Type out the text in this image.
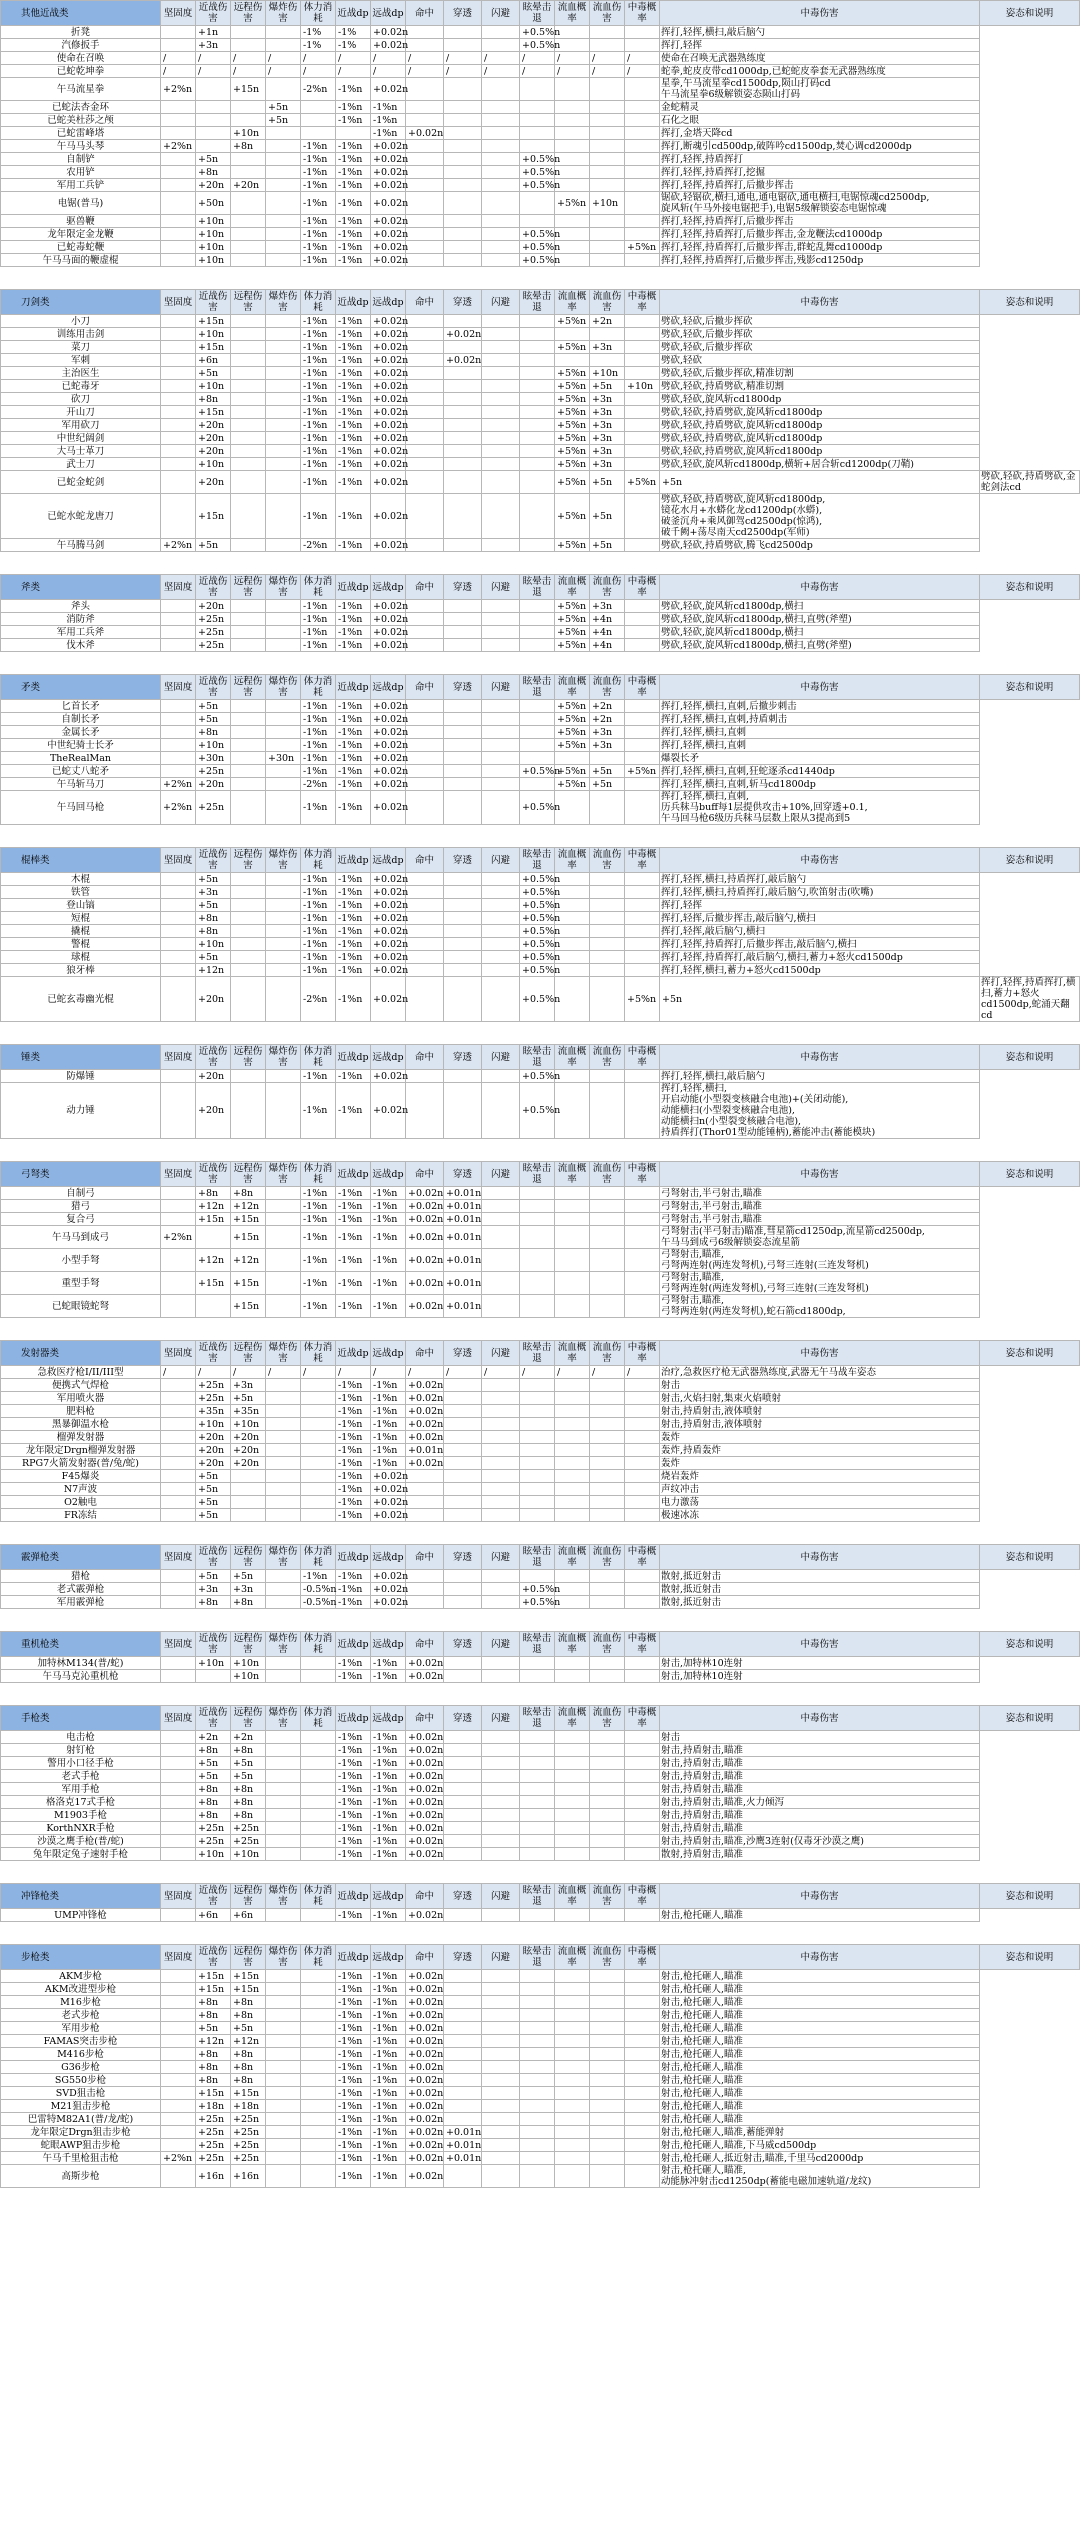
其他近战类	坚固度	近战伤害	远程伤害	爆炸伤害	体力消耗	近战dp	远战dp	命中	穿透	闪避	眩晕击退	流血概率	流血伤害	中毒概率	中毒伤害	姿态和说明
折凳		+1n			-1%	-1%	+0.02n				+0.5%n				挥打,轻挥,横扫,敲后脑勺	
汽修扳手		+3n			-1%	-1%	+0.02n				+0.5%n				挥打,轻挥	
使命在召唤	/	/	/	/	/	/	/	/	/	/	/	/	/	/	使命在召唤无武器熟练度	
已蛇乾坤拳	/	/	/	/	/	/	/	/	/	/	/	/	/	/	蛇拳,蛇皮皮带cd1000dp,已蛇蛇皮拳套无武器熟练度	
午马流星拳	+2%n		+15n		-2%n	-1%n	+0.02n								星拳,午马流星拳cd1500dp,陨山打码cd
午马流星拳6级解锁姿态陨山打码	
已蛇法杏金环				+5n		-1%n	-1%n								金蛇精灵	
已蛇美杜莎之颅				+5n		-1%n	-1%n								石化之眼	
已蛇雷峰塔			+10n				-1%n	+0.02n							挥打,金塔天降cd	
午马马头琴	+2%n		+8n		-1%n	-1%n	+0.02n								挥打,断魂引cd500dp,破阵吟cd1500dp,焚心调cd2000dp	
自制铲		+5n			-1%n	-1%n	+0.02n				+0.5%n				挥打,轻挥,持盾挥打	
农用铲		+8n			-1%n	-1%n	+0.02n				+0.5%n				挥打,轻挥,持盾挥打,挖掘	
军用工兵铲		+20n	+20n		-1%n	-1%n	+0.02n				+0.5%n				挥打,轻挥,持盾挥打,后撤步挥击	
电锯(普马)		+50n			-1%n	-1%n	+0.02n					+5%n	+10n		锯砍,轻锯砍,横扫,通电,通电锯砍,通电横扫,电锯惊魂cd2500dp,
旋风斩(午马外接电锯把手),电锯5级解锁姿态电锯惊魂	
驱兽鞭		+10n			-1%n	-1%n	+0.02n								挥打,轻挥,持盾挥打,后撤步挥击	
龙年限定金龙鞭		+10n			-1%n	-1%n	+0.02n				+0.5%n				挥打,轻挥,持盾挥打,后撤步挥击,金龙鞭法cd1000dp	
已蛇毒蛇鞭		+10n			-1%n	-1%n	+0.02n				+0.5%n			+5%n	挥打,轻挥,持盾挥打,后撤步挥击,群蛇乱舞cd1000dp	
午马马面的鞭虚棍		+10n			-1%n	-1%n	+0.02n				+0.5%n				挥打,轻挥,持盾挥打,后撤步挥击,残影cd1250dp	
刀剑类	坚固度	近战伤害	远程伤害	爆炸伤害	体力消耗	近战dp	远战dp	命中	穿透	闪避	眩晕击退	流血概率	流血伤害	中毒概率	中毒伤害	姿态和说明
小刀		+15n			-1%n	-1%n	+0.02n					+5%n	+2n		劈砍,轻砍,后撤步挥砍	
训练用击剑		+10n			-1%n	-1%n	+0.02n		+0.02n						劈砍,轻砍,后撤步挥砍	
菜刀		+15n			-1%n	-1%n	+0.02n					+5%n	+3n		劈砍,轻砍,后撤步挥砍	
军刺		+6n			-1%n	-1%n	+0.02n		+0.02n						劈砍,轻砍	
主治医生		+5n			-1%n	-1%n	+0.02n					+5%n	+10n		劈砍,轻砍,后撤步挥砍,精准切割	
已蛇毒牙		+10n			-1%n	-1%n	+0.02n					+5%n	+5n	+10n	劈砍,轻砍,持盾劈砍,精准切割	
砍刀		+8n			-1%n	-1%n	+0.02n					+5%n	+3n		劈砍,轻砍,旋风斩cd1800dp	
开山刀		+15n			-1%n	-1%n	+0.02n					+5%n	+3n		劈砍,轻砍,持盾劈砍,旋风斩cd1800dp	
军用砍刀		+20n			-1%n	-1%n	+0.02n					+5%n	+3n		劈砍,轻砍,持盾劈砍,旋风斩cd1800dp	
中世纪阔剑		+20n			-1%n	-1%n	+0.02n					+5%n	+3n		劈砍,轻砍,持盾劈砍,旋风斩cd1800dp	
大马士革刀		+20n			-1%n	-1%n	+0.02n					+5%n	+3n		劈砍,轻砍,持盾劈砍,旋风斩cd1800dp	
武士刀		+10n			-1%n	-1%n	+0.02n					+5%n	+3n		劈砍,轻砍,旋风斩cd1800dp,横斩+居合斩cd1200dp(刀鞘)	
已蛇金蛇剑		+20n			-1%n	-1%n	+0.02n					+5%n	+5n	+5%n	+5n	劈砍,轻砍,持盾劈砍,金蛇剑法cd
已蛇水蛇龙唐刀		+15n			-1%n	-1%n	+0.02n					+5%n	+5n		劈砍,轻砍,持盾劈砍,旋风斩cd1800dp,
镜花水月+水蟒化龙cd1200dp(水蟒),
破釜沉舟+乘风御驾cd2500dp(惊鸿),
破千阙+荡尽南天cd2500dp(军师)	
午马腾马剑	+2%n	+5n			-2%n	-1%n	+0.02n					+5%n	+5n		劈砍,轻砍,持盾劈砍,腾飞cd2500dp	
斧类	坚固度	近战伤害	远程伤害	爆炸伤害	体力消耗	近战dp	远战dp	命中	穿透	闪避	眩晕击退	流血概率	流血伤害	中毒概率	中毒伤害	姿态和说明
斧头		+20n			-1%n	-1%n	+0.02n					+5%n	+3n		劈砍,轻砍,旋风斩cd1800dp,横扫	
消防斧		+25n			-1%n	-1%n	+0.02n					+5%n	+4n		劈砍,轻砍,旋风斩cd1800dp,横扫,直劈(斧塑)	
军用工兵斧		+25n			-1%n	-1%n	+0.02n					+5%n	+4n		劈砍,轻砍,旋风斩cd1800dp,横扫	
伐木斧		+25n			-1%n	-1%n	+0.02n					+5%n	+4n		劈砍,轻砍,旋风斩cd1800dp,横扫,直劈(斧塑)	
矛类	坚固度	近战伤害	远程伤害	爆炸伤害	体力消耗	近战dp	远战dp	命中	穿透	闪避	眩晕击退	流血概率	流血伤害	中毒概率	中毒伤害	姿态和说明
匕首长矛		+5n			-1%n	-1%n	+0.02n					+5%n	+2n		挥打,轻挥,横扫,直刺,后撤步刺击	
自制长矛		+5n			-1%n	-1%n	+0.02n					+5%n	+2n		挥打,轻挥,横扫,直刺,持盾刺击	
金属长矛		+8n			-1%n	-1%n	+0.02n					+5%n	+3n		挥打,轻挥,横扫,直刺	
中世纪骑士长矛		+10n			-1%n	-1%n	+0.02n					+5%n	+3n		挥打,轻挥,横扫,直刺	
TheRealMan		+30n		+30n	-1%n	-1%n	+0.02n								爆裂长矛	
已蛇丈八蛇矛		+25n			-1%n	-1%n	+0.02n				+0.5%n	+5%n	+5n	+5%n	挥打,轻挥,横扫,直刺,狂蛇逐杀cd1440dp	
午马斩马刀	+2%n	+20n			-2%n	-1%n	+0.02n					+5%n	+5n		挥打,轻挥,横扫,直刺,斩马cd1800dp	
午马回马枪	+2%n	+25n			-1%n	-1%n	+0.02n				+0.5%n				挥打,轻挥,横扫,直刺,
历兵秣马buff每1层提供攻击+10%,回穿透+0.1,
午马回马枪6级历兵秣马层数上限从3提高到5	
棍棒类	坚固度	近战伤害	远程伤害	爆炸伤害	体力消耗	近战dp	远战dp	命中	穿透	闪避	眩晕击退	流血概率	流血伤害	中毒概率	中毒伤害	姿态和说明
木棍		+5n			-1%n	-1%n	+0.02n				+0.5%n				挥打,轻挥,横扫,持盾挥打,敲后脑勺	
铁管		+3n			-1%n	-1%n	+0.02n				+0.5%n				挥打,轻挥,横扫,持盾挥打,敲后脑勺,吹笛射击(吹嘴)	
登山镐		+5n			-1%n	-1%n	+0.02n				+0.5%n				挥打,轻挥	
短棍		+8n			-1%n	-1%n	+0.02n				+0.5%n				挥打,轻挥,后撤步挥击,敲后脑勺,横扫	
撬棍		+8n			-1%n	-1%n	+0.02n				+0.5%n				挥打,轻挥,敲后脑勺,横扫	
警棍		+10n			-1%n	-1%n	+0.02n				+0.5%n				挥打,轻挥,持盾挥打,后撤步挥击,敲后脑勺,横扫	
球棍		+5n			-1%n	-1%n	+0.02n				+0.5%n				挥打,轻挥,持盾挥打,敲后脑勺,横扫,蓄力+怒火cd1500dp	
狼牙棒		+12n			-1%n	-1%n	+0.02n				+0.5%n				挥打,轻挥,横扫,蓄力+怒火cd1500dp	
已蛇玄毒幽光棍		+20n			-2%n	-1%n	+0.02n				+0.5%n			+5%n	+5n	挥打,轻挥,持盾挥打,横扫,蓄力+怒火cd1500dp,蛇涌天翻cd
锤类	坚固度	近战伤害	远程伤害	爆炸伤害	体力消耗	近战dp	远战dp	命中	穿透	闪避	眩晕击退	流血概率	流血伤害	中毒概率	中毒伤害	姿态和说明
防爆锤		+20n			-1%n	-1%n	+0.02n				+0.5%n				挥打,轻挥,横扫,敲后脑勺	
动力锤		+20n			-1%n	-1%n	+0.02n				+0.5%n				挥打,轻挥,横扫,
开启动能(小型裂变核融合电池)+(关闭动能),
动能横扫(小型裂变核融合电池),
动能横扫n(小型裂变核融合电池),
持盾挥打(Thor01型动能锤柄),蓄能冲击(蓄能模块)	
弓弩类	坚固度	近战伤害	远程伤害	爆炸伤害	体力消耗	近战dp	远战dp	命中	穿透	闪避	眩晕击退	流血概率	流血伤害	中毒概率	中毒伤害	姿态和说明
自制弓		+8n	+8n		-1%n	-1%n	-1%n	+0.02n	+0.01n						弓弩射击,半弓射击,瞄准	
猎弓		+12n	+12n		-1%n	-1%n	-1%n	+0.02n	+0.01n						弓弩射击,半弓射击,瞄准	
复合弓		+15n	+15n		-1%n	-1%n	-1%n	+0.02n	+0.01n						弓弩射击,半弓射击,瞄准	
午马马到成弓	+2%n		+15n		-1%n	-1%n	-1%n	+0.02n	+0.01n						弓弩射击(半弓射击)瞄准,彗星箭cd1250dp,流星箭cd2500dp,
午马马到成弓6级解锁姿态流星箭	
小型手弩		+12n	+12n		-1%n	-1%n	-1%n	+0.02n	+0.01n						弓弩射击,瞄准,
弓弩两连射(两连发弩机),弓弩三连射(三连发弩机)	
重型手弩		+15n	+15n		-1%n	-1%n	-1%n	+0.02n	+0.01n						弓弩射击,瞄准,
弓弩两连射(两连发弩机),弓弩三连射(三连发弩机)	
已蛇眼镜蛇弩			+15n		-1%n	-1%n	-1%n	+0.02n	+0.01n						弓弩射击,瞄准,
弓弩两连射(两连发弩机),蛇石箭cd1800dp,	
发射器类	坚固度	近战伤害	远程伤害	爆炸伤害	体力消耗	近战dp	远战dp	命中	穿透	闪避	眩晕击退	流血概率	流血伤害	中毒概率	中毒伤害	姿态和说明
急救医疗枪I/II/III型	/	/	/	/	/	/	/	/	/	/	/	/	/	/	治疗,急救医疗枪无武器熟练度,武器无午马战车姿态	
便携式气焊枪		+25n	+3n			-1%n	-1%n	+0.02n							射击	
军用喷火器		+25n	+5n			-1%n	-1%n	+0.02n							射击,火焰扫射,集束火焰喷射	
肥料枪		+35n	+35n			-1%n	-1%n	+0.02n							射击,持盾射击,液体喷射	
黑暴御温水枪		+10n	+10n			-1%n	-1%n	+0.02n							射击,持盾射击,液体喷射	
榴弹发射器		+20n	+20n			-1%n	-1%n	+0.02n							轰炸	
龙年限定Drgn榴弹发射器		+20n	+20n			-1%n	-1%n	+0.01n							轰炸,持盾轰炸	
RPG7火箭发射器(普/兔/蛇)		+20n	+20n			-1%n	-1%n	+0.02n							轰炸	
F45爆炎		+5n				-1%n	+0.02n								烧岩轰炸	
N7声波		+5n				-1%n	+0.02n								声纹冲击	
O2触电		+5n				-1%n	+0.02n								电力激荡	
FR冻结		+5n				-1%n	+0.02n								极速冰冻	
霰弹枪类	坚固度	近战伤害	远程伤害	爆炸伤害	体力消耗	近战dp	远战dp	命中	穿透	闪避	眩晕击退	流血概率	流血伤害	中毒概率	中毒伤害	姿态和说明
猎枪		+5n	+5n		-1%n	-1%n	+0.02n								散射,抵近射击	
老式霰弹枪		+3n	+3n		-0.5%n	-1%n	+0.02n				+0.5%n				散射,抵近射击	
军用霰弹枪		+8n	+8n		-0.5%n	-1%n	+0.02n				+0.5%n				散射,抵近射击	
重机枪类	坚固度	近战伤害	远程伤害	爆炸伤害	体力消耗	近战dp	远战dp	命中	穿透	闪避	眩晕击退	流血概率	流血伤害	中毒概率	中毒伤害	姿态和说明
加特林M134(普/蛇)		+10n	+10n			-1%n	-1%n	+0.02n							射击,加特林10连射	
午马马克沁重机枪			+10n			-1%n	-1%n	+0.02n							射击,加特林10连射	
手枪类	坚固度	近战伤害	远程伤害	爆炸伤害	体力消耗	近战dp	远战dp	命中	穿透	闪避	眩晕击退	流血概率	流血伤害	中毒概率	中毒伤害	姿态和说明
电击枪		+2n	+2n			-1%n	-1%n	+0.02n							射击	
射钉枪		+8n	+8n			-1%n	-1%n	+0.02n							射击,持盾射击,瞄准	
警用小口径手枪		+5n	+5n			-1%n	-1%n	+0.02n							射击,持盾射击,瞄准	
老式手枪		+5n	+5n			-1%n	-1%n	+0.02n							射击,持盾射击,瞄准	
军用手枪		+8n	+8n			-1%n	-1%n	+0.02n							射击,持盾射击,瞄准	
格洛克17式手枪		+8n	+8n			-1%n	-1%n	+0.02n							射击,持盾射击,瞄准,火力倾泻	
M1903手枪		+8n	+8n			-1%n	-1%n	+0.02n							射击,持盾射击,瞄准	
KorthNXR手枪		+25n	+25n			-1%n	-1%n	+0.02n							射击,持盾射击,瞄准	
沙漠之鹰手枪(普/蛇)		+25n	+25n			-1%n	-1%n	+0.02n							射击,持盾射击,瞄准,沙鹰3连射(仅毒牙沙漠之鹰)	
兔年限定兔子速射手枪		+10n	+10n			-1%n	-1%n	+0.02n							散射,持盾射击,瞄准	
冲锋枪类	坚固度	近战伤害	远程伤害	爆炸伤害	体力消耗	近战dp	远战dp	命中	穿透	闪避	眩晕击退	流血概率	流血伤害	中毒概率	中毒伤害	姿态和说明
UMP冲锋枪		+6n	+6n			-1%n	-1%n	+0.02n							射击,枪托砸人,瞄准	
步枪类	坚固度	近战伤害	远程伤害	爆炸伤害	体力消耗	近战dp	远战dp	命中	穿透	闪避	眩晕击退	流血概率	流血伤害	中毒概率	中毒伤害	姿态和说明
AKM步枪		+15n	+15n			-1%n	-1%n	+0.02n							射击,枪托砸人,瞄准	
AKM改进型步枪		+15n	+15n			-1%n	-1%n	+0.02n							射击,枪托砸人,瞄准	
M16步枪		+8n	+8n			-1%n	-1%n	+0.02n							射击,枪托砸人,瞄准	
老式步枪		+8n	+8n			-1%n	-1%n	+0.02n							射击,枪托砸人,瞄准	
军用步枪		+5n	+5n			-1%n	-1%n	+0.02n							射击,枪托砸人,瞄准	
FAMAS突击步枪		+12n	+12n			-1%n	-1%n	+0.02n							射击,枪托砸人,瞄准	
M416步枪		+8n	+8n			-1%n	-1%n	+0.02n							射击,枪托砸人,瞄准	
G36步枪		+8n	+8n			-1%n	-1%n	+0.02n							射击,枪托砸人,瞄准	
SG550步枪		+8n	+8n			-1%n	-1%n	+0.02n							射击,枪托砸人,瞄准	
SVD狙击枪		+15n	+15n			-1%n	-1%n	+0.02n							射击,枪托砸人,瞄准	
M21狙击步枪		+18n	+18n			-1%n	-1%n	+0.02n							射击,枪托砸人,瞄准	
巴雷特M82A1(普/龙/蛇)		+25n	+25n			-1%n	-1%n	+0.02n							射击,枪托砸人,瞄准	
龙年限定Drgn狙击步枪		+25n	+25n			-1%n	-1%n	+0.02n	+0.01n						射击,枪托砸人,瞄准,蓄能弹射	
蛇眼AWP狙击步枪		+25n	+25n			-1%n	-1%n	+0.02n	+0.01n						射击,枪托砸人,瞄准,下马威cd500dp	
午马千里枪狙击枪	+2%n	+25n	+25n			-1%n	-1%n	+0.02n	+0.01n						射击,枪托砸人,抵近射击,瞄准,千里马cd2000dp	
高斯步枪		+16n	+16n			-1%n	-1%n	+0.02n							射击,枪托砸人,瞄准,
动能脉冲射击cd1250dp(蓄能电磁加速轨道/龙纹)	
